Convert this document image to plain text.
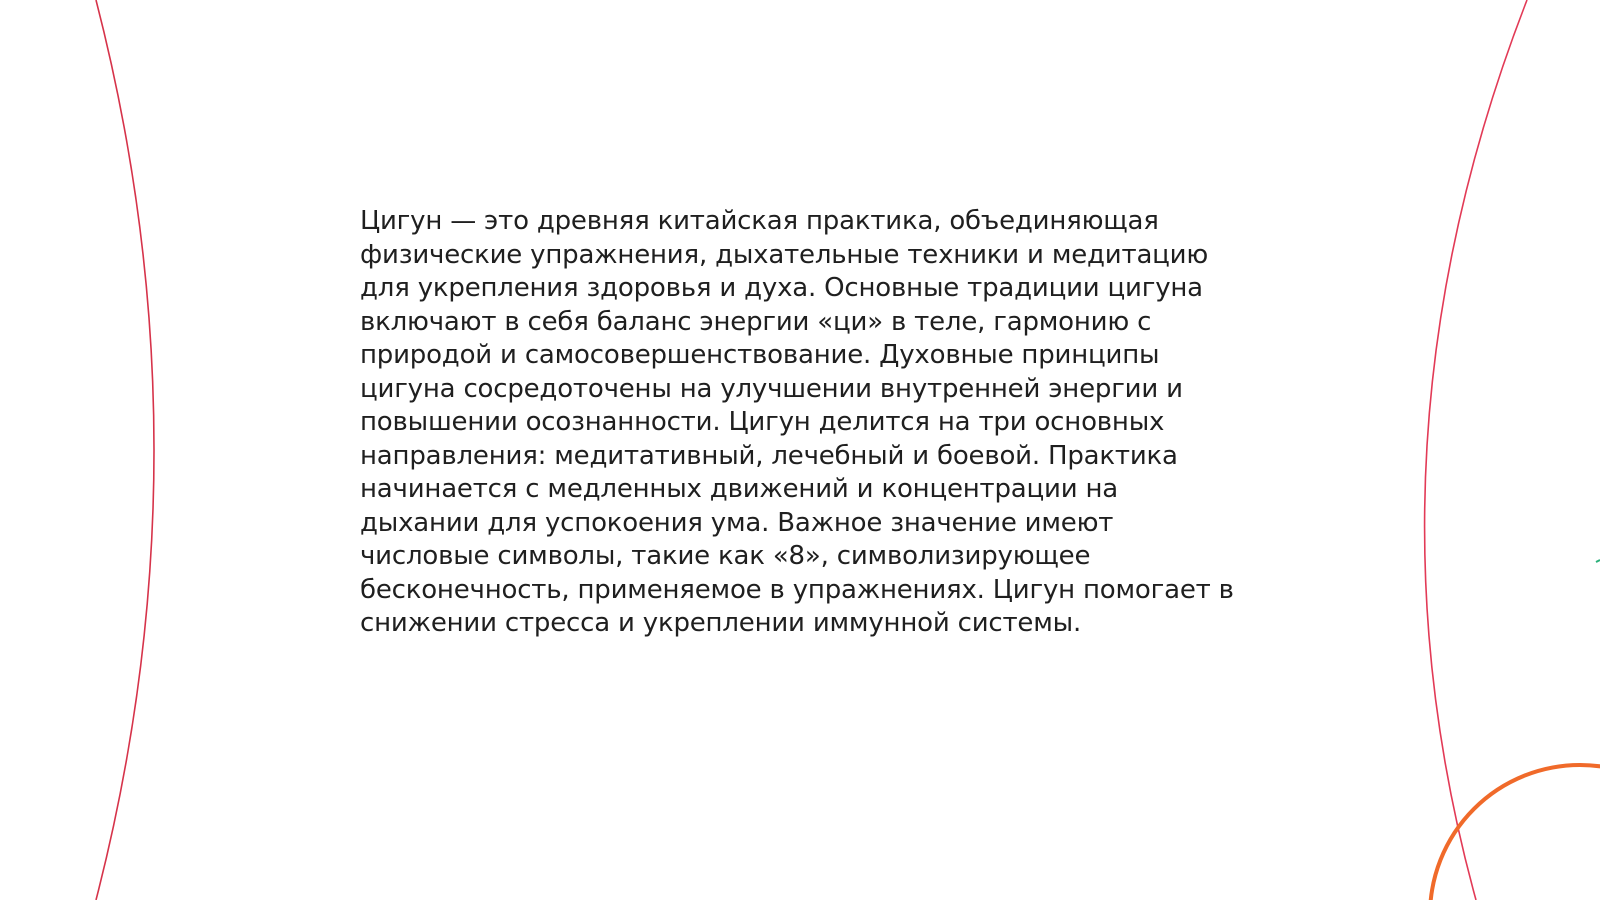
Цигун — это древняя китайская практика, объединяющая физические упражнения, дыхательные техники и медитацию для укрепления здоровья и духа. Основные традиции цигуна включают в себя баланс энергии «ци» в теле, гармонию с природой и самосовершенствование. Духовные принципы цигуна сосредоточены на улучшении внутренней энергии и повышении осознанности. Цигун делится на три основных направления: медитативный, лечебный и боевой. Практика начинается с медленных движений и концентрации на дыхании для успокоения ума. Важное значение имеют числовые символы, такие как «8», символизирующее бесконечность, применяемое в упражнениях. Цигун помогает в снижении стресса и укреплении иммунной системы.
